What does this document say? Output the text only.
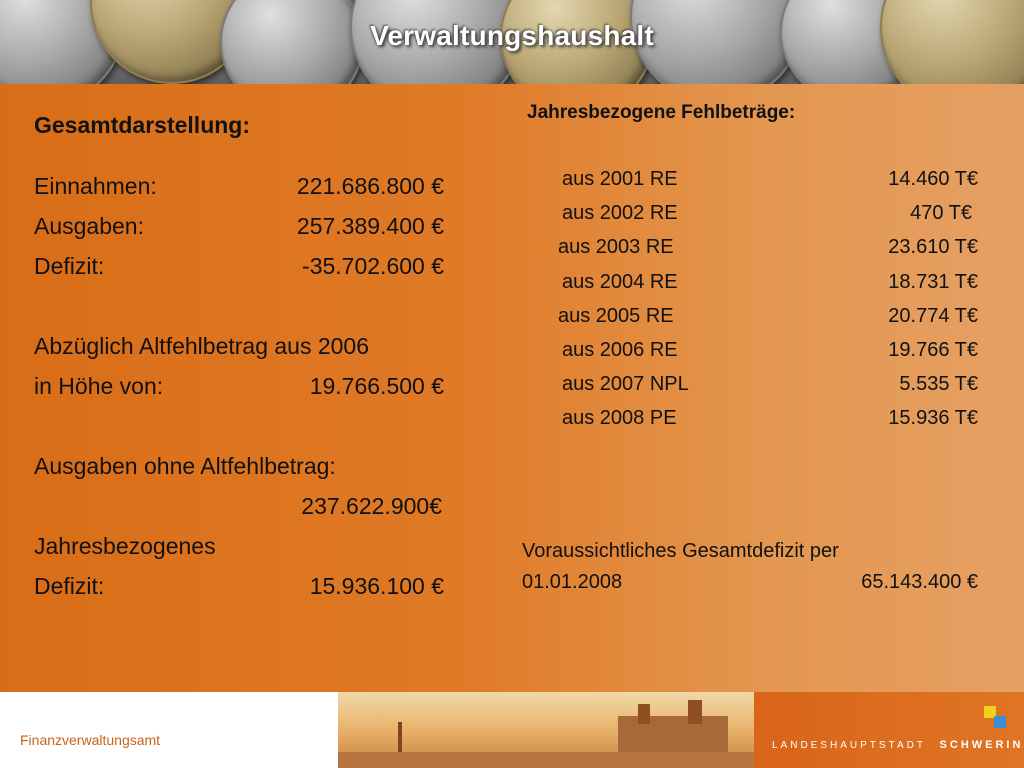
Verwaltungshaushalt
Gesamtdarstellung:
Einnahmen:	221.686.800 €
Ausgaben:	257.389.400 €
Defizit:	-35.702.600 €
Abzüglich Altfehlbetrag aus 2006
in Höhe von:	19.766.500 €
Ausgaben ohne Altfehlbetrag:
237.622.900€
Jahresbezogenes
Defizit:	15.936.100 €
Jahresbezogene Fehlbeträge:
aus 2001 RE	14.460 T€
aus 2002 RE	470 T€
aus 2003 RE	23.610 T€
aus 2004 RE	18.731 T€
aus 2005 RE	20.774 T€
aus 2006 RE	19.766 T€
aus 2007 NPL	5.535 T€
aus 2008 PE	15.936 T€
Voraussichtliches Gesamtdefizit per
01.01.2008	65.143.400 €
Finanzverwaltungsamt	LANDESHAUPTSTADT SCHWERIN
